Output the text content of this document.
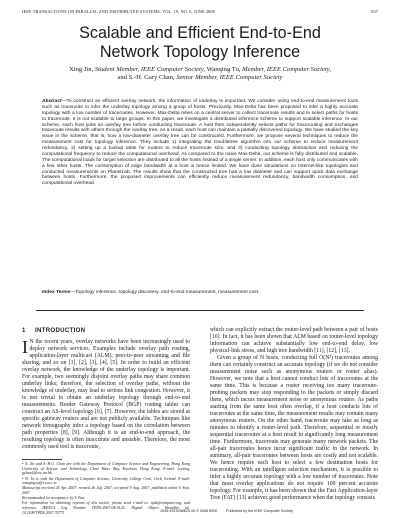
IEEE TRANSACTIONS ON PARALLEL AND DISTRIBUTED SYSTEMS, VOL. 19, NO. 6, JUNE 2008	837
Scalable and Efficient End-to-End
Network Topology Inference
Xing Jin, Student Member, IEEE Computer Society, Wanqing Tu, Member, IEEE Computer Society,
and S.-H. Gary Chan, Senior Member, IEEE Computer Society
Abstract—To construct an efficient overlay network, the information of underlay is important. We consider using end-to-end measurement tools such as traceroute to infer the underlay topology among a group of hosts. Previously, Max-Delta has been proposed to infer a highly accurate topology with a low number of traceroutes. However, Max-Delta relies on a central server to collect traceroute results and to select paths for hosts to traceroute. It is not scalable to large groups. In this paper, we investigate a distributed inference scheme to support scalable inference. In our scheme, each host joins an overlay tree before conducting traceroute. A host then independently selects paths for tracerouting and exchanges traceroute results with others through the overlay tree. As a result, each host can maintain a partially discovered topology. We have studied the key issue in the scheme, that is, how a low-diameter overlay tree can be constructed. Furthermore, we propose several techniques to reduce the measurement cost for topology inference. They include 1) integrating the Doubletree algorithm into our scheme to reduce measurement redundancy, 2) setting up a lookup table for routers to reduce traceroute size, and 3) conducting topology abstraction and reducing the computational frequency to reduce the computational overhead. As compared to the naive Max-Delta, our scheme is fully distributed and scalable. The computational loads for target selection are distributed to all the hosts instead of a single server. In addition, each host only communicates with a few other hosts. The consumption of edge bandwidth at a host is hence limited. We have done simulations on Internet-like topologies and conducted measurements on PlanetLab. The results show that the constructed tree has a low diameter and can support quick data exchange between hosts. Furthermore, the proposed improvements can efficiently reduce measurement redundancy, bandwidth consumption, and computational overhead.
Index Terms—Topology inference, topology discovery, end-to-end measurement, measurement cost.

1 INTRODUCTION

I N the recent years, overlay networks have been increasingly used to deploy network services. Examples include overlay path routing, application-layer multicast (ALM), peer-to-peer streaming and file sharing, and so on [1], [2], [3], [4], [5]. In order to build an efficient overlay network, the knowledge of the underlay topology is important. For example, two seemingly disjoint overlay paths may share common underlay links; therefore, the selection of overlay paths, without the knowledge of underlay, may lead to serious link congestion. However, it is not trivial to obtain an underlay topology through end-to-end measurements. Border Gateway Protocol (BGP) routing tables can construct an AS-level topology [6], [7]. However, the tables are stored at specific gateway routers and are not publicly available. Techniques like network tomography infer a topology based on the correlation between path properties [8], [9]. Although it is an end-to-end approach, the resulting topology is often inaccurate and unstable. Therefore, the most commonly used tool is traceroute,

• X. Jin and S.-H.G. Chan are with the Department of Computer Science and Engineering, Hong Kong University of Science and Technology, Clear Water Bay, Kowloon, Hong Kong. E-mail: {csxing, gchan}@cse.ust.hk.

• W. Tu is with the Department of Computer Science, University College Cork, Cork, Ireland. E-mail: wanqing.tu@cs.ucc.ie.

Manuscript received 24 Apr. 2007; revised 26 July 2007; accepted 9 Aug. 2007; published online 6 Sept. 2007.

Recommended for acceptance by Y. Pan.

For information on obtaining reprints of this article, please send e-mail to: tpds@computer.org, and reference IEEECS Log Number TPDS-2007-04-0124. Digital Object Identifier no. 10.1109/TPDS.2007.70773.

which can explicitly extract the router-level path between a pair of hosts [10]. In fact, it has been shown that ALM based on router-level topology information can achieve substantially low end-to-end delay, low physical-link stress, and high tree bandwidth [11], [12], [13].

Given a group of N hosts, conducting full O(N²) traceroutes among them can certainly construct an accurate topology (if we do not consider measurement noise such as anonymous routers or router alias). However, we note that a host cannot conduct lots of traceroutes at the same time. This is because a router receiving too many traceroute-probing packets may stop responding to the packets or simply discard them, which incurs measurement noise or anonymous routers. As paths starting from the same host often overlap, if a host conducts lots of traceroutes at the same time, the measurement results may contain many anonymous routers. On the other hand, traceroute may take as long as minutes to identify a router-level path. Therefore, sequential or mostly sequential traceroutes at a host result in significantly long measurement time. Furthermore, traceroute may generate many network packets. The all-pair traceroutes hence incur significant traffic in the network. In summary, all-pair traceroutes between hosts are costly and not scalable. We hence require each host to select a few destination hosts for tracerouting. With an intelligent selection mechanism, it is possible to infer a highly accurate topology with a low number of traceroutes. Note that most overlay applications do not require 100 percent accurate topology. For example, it has been shown that the Fast Application-layer Tree (FAT) [13] achieves good performance when the topology consists

1045-9219/08/$25.00 © 2008 IEEE Published by the IEEE Computer Society
